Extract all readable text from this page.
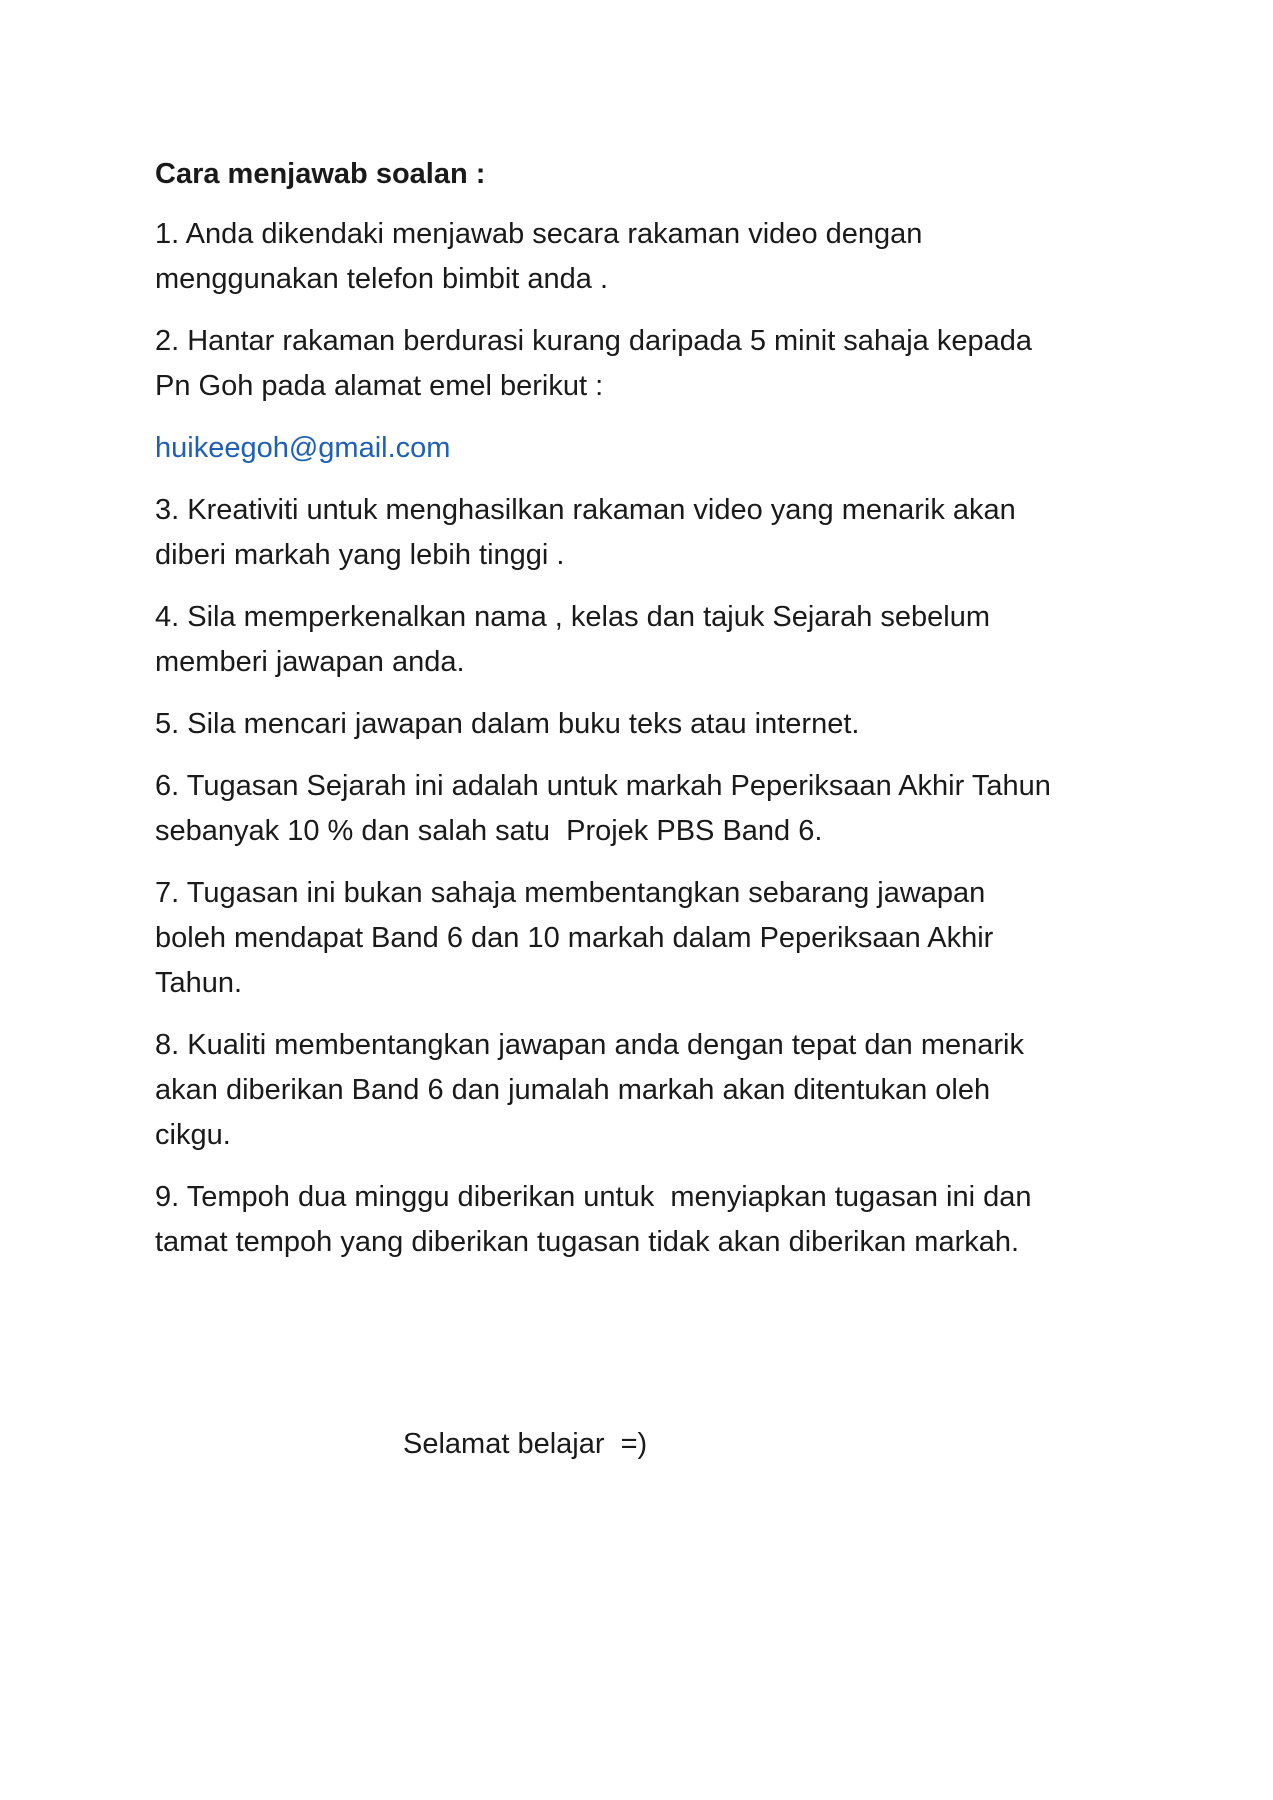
Cara menjawab soalan :
1. Anda dikendaki menjawab secara rakaman video dengan
menggunakan telefon bimbit anda .
2. Hantar rakaman berdurasi kurang daripada 5 minit sahaja kepada
Pn Goh pada alamat emel berikut :
huikeegoh@gmail.com
3. Kreativiti untuk menghasilkan rakaman video yang menarik akan
diberi markah yang lebih tinggi .
4. Sila memperkenalkan nama , kelas dan tajuk Sejarah sebelum
memberi jawapan anda.
5. Sila mencari jawapan dalam buku teks atau internet.
6. Tugasan Sejarah ini adalah untuk markah Peperiksaan Akhir Tahun
sebanyak 10 % dan salah satu  Projek PBS Band 6.
7. Tugasan ini bukan sahaja membentangkan sebarang jawapan
boleh mendapat Band 6 dan 10 markah dalam Peperiksaan Akhir
Tahun.
8. Kualiti membentangkan jawapan anda dengan tepat dan menarik
akan diberikan Band 6 dan jumalah markah akan ditentukan oleh
cikgu.
9. Tempoh dua minggu diberikan untuk  menyiapkan tugasan ini dan
tamat tempoh yang diberikan tugasan tidak akan diberikan markah.
Selamat belajar  =)
